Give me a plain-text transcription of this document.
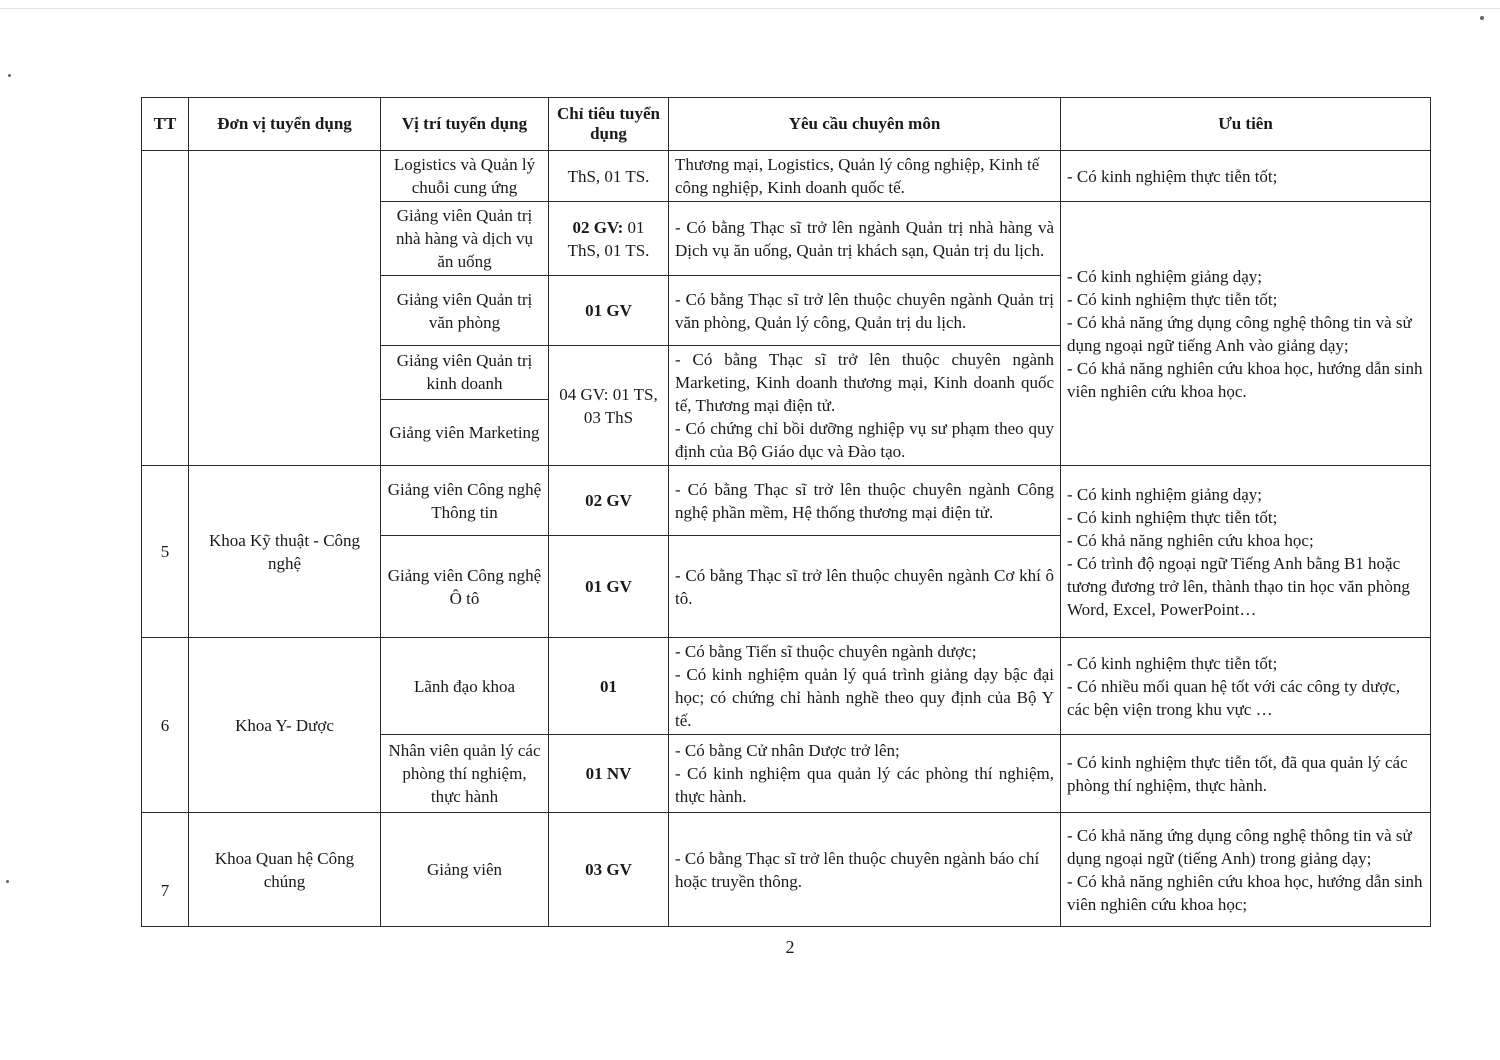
TT	Đơn vị tuyển dụng	Vị trí tuyển dụng	Chỉ tiêu tuyển dụng	Yêu cầu chuyên môn	Ưu tiên
		Logistics và Quản lý chuỗi cung ứng	ThS, 01 TS.	Thương mại, Logistics, Quản lý công nghiệp, Kinh tế công nghiệp, Kinh doanh quốc tế.	- Có kinh nghiệm thực tiễn tốt;
		Giảng viên Quản trị nhà hàng và dịch vụ ăn uống	02 GV: 01 ThS, 01 TS.	- Có bằng Thạc sĩ trở lên ngành Quản trị nhà hàng và Dịch vụ ăn uống, Quản trị khách sạn, Quản trị du lịch.	- Có kinh nghiệm giảng dạy;
- Có kinh nghiệm thực tiễn tốt;
- Có khả năng ứng dụng công nghệ thông tin và sử dụng ngoại ngữ tiếng Anh vào giảng dạy;
- Có khả năng nghiên cứu khoa học, hướng dẫn sinh viên nghiên cứu khoa học.
		Giảng viên Quản trị văn phòng	01 GV	- Có bằng Thạc sĩ trở lên thuộc chuyên ngành Quản trị văn phòng, Quản lý công, Quản trị du lịch.	
		Giảng viên Quản trị kinh doanh	04 GV: 01 TS, 03 ThS	- Có bằng Thạc sĩ trở lên thuộc chuyên ngành Marketing, Kinh doanh thương mại, Kinh doanh quốc tế, Thương mại điện tử.
- Có chứng chỉ bồi dưỡng nghiệp vụ sư phạm theo quy định của Bộ Giáo dục và Đào tạo.	
		Giảng viên Marketing			

5	Khoa Kỹ thuật - Công nghệ	Giảng viên Công nghệ Thông tin	02 GV	- Có bằng Thạc sĩ trở lên thuộc chuyên ngành Công nghệ phần mềm, Hệ thống thương mại điện tử.	- Có kinh nghiệm giảng dạy;
- Có kinh nghiệm thực tiễn tốt;
- Có khả năng nghiên cứu khoa học;
- Có trình độ ngoại ngữ Tiếng Anh bằng B1 hoặc tương đương trở lên, thành thạo tin học văn phòng Word, Excel, PowerPoint…
		Giảng viên Công nghệ Ô tô	01 GV	- Có bằng Thạc sĩ trở lên thuộc chuyên ngành Cơ khí ô tô.	
6	Khoa Y- Dược	Lãnh đạo khoa	01	- Có bằng Tiến sĩ thuộc chuyên ngành dược;
- Có kinh nghiệm quản lý quá trình giảng dạy bậc đại học; có chứng chỉ hành nghề theo quy định của Bộ Y tế.	- Có kinh nghiệm thực tiễn tốt;
- Có nhiều mối quan hệ tốt với các công ty dược, các bện viện trong khu vực …
		Nhân viên quản lý các phòng thí nghiệm, thực hành	01 NV	- Có bằng Cử nhân Dược trở lên;
- Có kinh nghiệm qua quản lý các phòng thí nghiệm, thực hành.	- Có kinh nghiệm thực tiễn tốt, đã qua quản lý các phòng thí nghiệm, thực hành.
7	Khoa Quan hệ Công chúng	Giảng viên	03 GV	- Có bằng Thạc sĩ trở lên thuộc chuyên ngành báo chí hoặc truyền thông.	- Có khả năng ứng dụng công nghệ thông tin và sử dụng ngoại ngữ (tiếng Anh) trong giảng dạy;
- Có khả năng nghiên cứu khoa học, hướng dẫn sinh viên nghiên cứu khoa học;
2
